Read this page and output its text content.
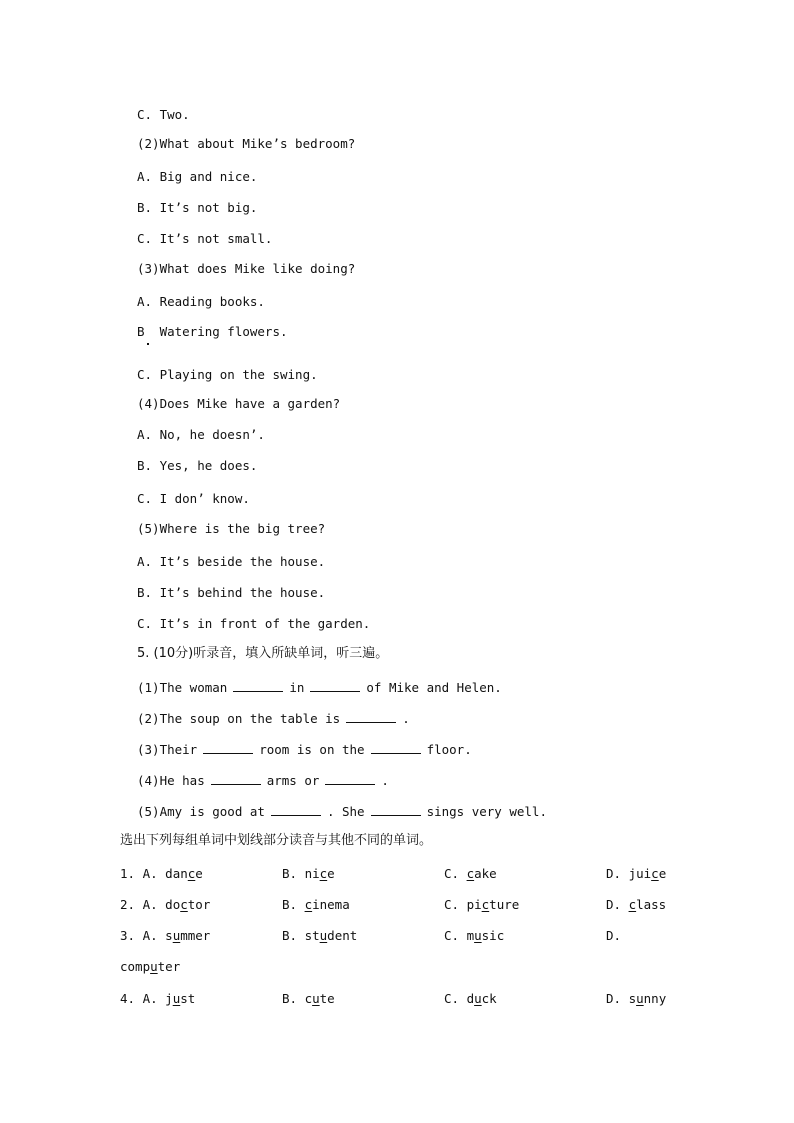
C. Two.
(2)What about Mike’s bedroom?
A. Big and nice.
B. It’s not big.
C. It’s not small.
(3)What does Mike like doing?
A. Reading books.
B  Watering flowers.
C. Playing on the swing.
(4)Does Mike have a garden?
A. No, he doesn’.
B. Yes, he does.
C. I don’ know.
(5)Where is the big tree?
A. It’s beside the house.
B. It’s behind the house.
C. It’s in front of the garden.
5. (10分)听录音，填入所缺单词，听三遍。
(1)The woman	in	of Mike and Helen.
(2)The soup on the table is	.
(3)Their	room is on the	floor.
(4)He has	arms or	.
(5)Amy is good at	. She	sings very well.
选出下列每组单词中划线部分读音与其他不同的单词。
1. A. dance	B. nice	C. cake	D. juice
2. A. doctor	B. cinema	C. picture	D. class
3. A. summer	B. student	C. music	D.
computer
4. A. just	B. cute	C. duck	D. sunny
